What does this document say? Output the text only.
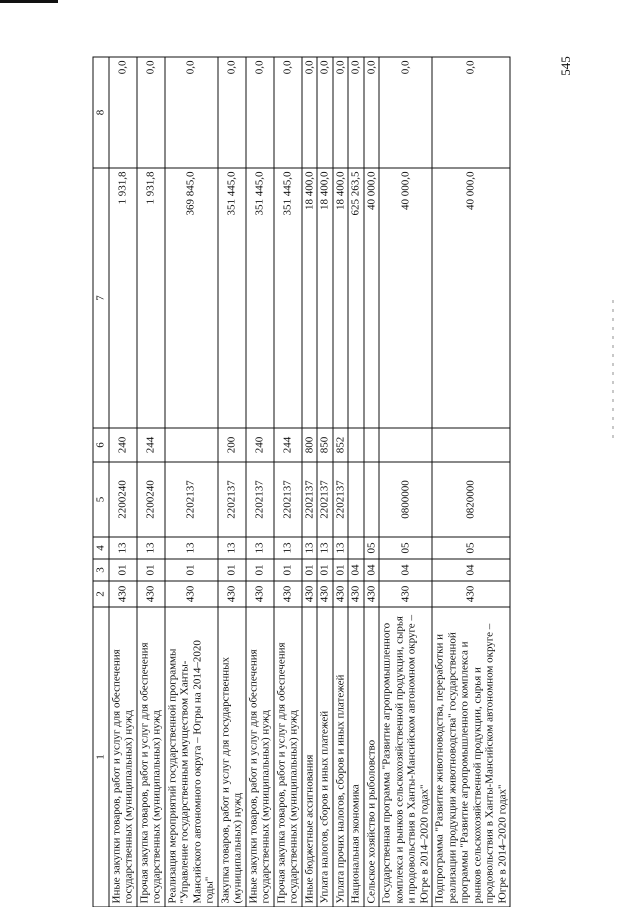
545
1	2	3	4	5	6	7	8
Иные закупки товаров, работ и услуг для обеспечения государственных (муниципальных) нужд	430	01	13	2200240	240	1 931,8	0,0
Прочая закупка товаров, работ и услуг для обеспечения государственных (муниципальных) нужд	430	01	13	2200240	244	1 931,8	0,0
Реализация мероприятий государственной программы "Управление государственным имуществом Ханты-Мансийского автономного округа – Югры на 2014–2020 годы"	430	01	13	2202137		369 845,0	0,0
Закупка товаров, работ и услуг для государственных (муниципальных) нужд	430	01	13	2202137	200	351 445,0	0,0
Иные закупки товаров, работ и услуг для обеспечения государственных (муниципальных) нужд	430	01	13	2202137	240	351 445,0	0,0
Прочая закупка товаров, работ и услуг для обеспечения государственных (муниципальных) нужд	430	01	13	2202137	244	351 445,0	0,0
Иные бюджетные ассигнования	430	01	13	2202137	800	18 400,0	0,0
Уплата налогов, сборов и иных платежей	430	01	13	2202137	850	18 400,0	0,0
Уплата прочих налогов, сборов и иных платежей	430	01	13	2202137	852	18 400,0	0,0
Национальная экономика	430	04				625 263,5	0,0
Сельское хозяйство и рыболовство	430	04	05			40 000,0	0,0
Государственная программа "Развитие агропромышленного комплекса и рынков сельскохозяйственной продукции, сырья и продовольствия в Ханты-Мансийском автономном округе – Югре в 2014–2020 годах"	430	04	05	0800000		40 000,0	0,0
Подпрограмма "Развитие животноводства, переработки и реализации продукции животноводства" государственной программы "Развитие агропромышленного комплекса и рынков сельскохозяйственной продукции, сырья и продовольствия в Ханты-Мансийском автономном округе – Югре в 2014–2020 годах"	430	04	05	0820000		40 000,0	0,0
